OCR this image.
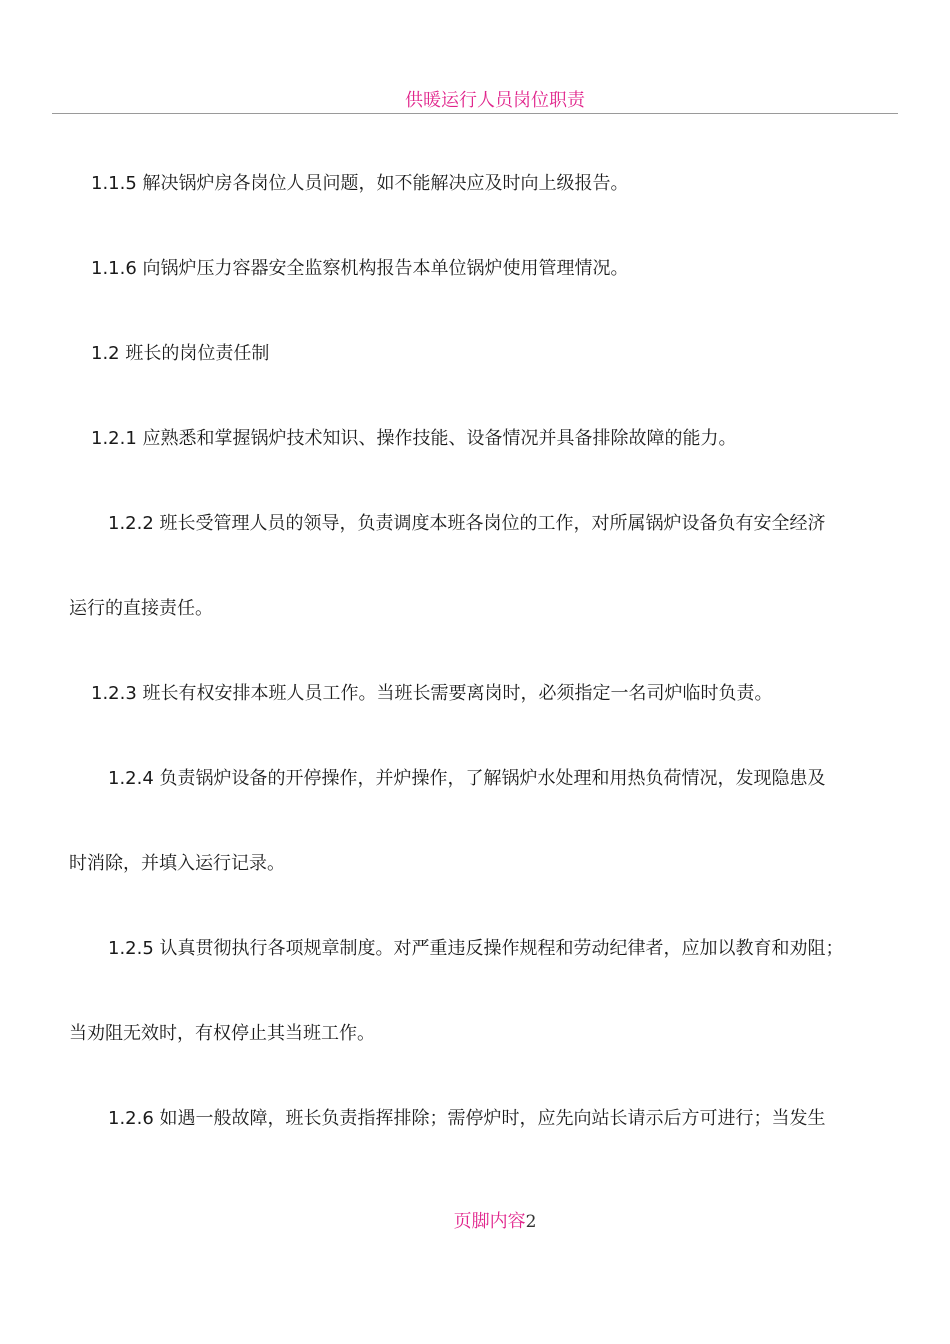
供暖运行人员岗位职责
1.1.5 解决锅炉房各岗位人员问题，如不能解决应及时向上级报告。
1.1.6 向锅炉压力容器安全监察机构报告本单位锅炉使用管理情况。
1.2 班长的岗位责任制
1.2.1 应熟悉和掌握锅炉技术知识、操作技能、设备情况并具备排除故障的能力。
1.2.2 班长受管理人员的领导，负责调度本班各岗位的工作，对所属锅炉设备负有安全经济
运行的直接责任。
1.2.3 班长有权安排本班人员工作。当班长需要离岗时，必须指定一名司炉临时负责。
1.2.4 负责锅炉设备的开停操作，并炉操作，了解锅炉水处理和用热负荷情况，发现隐患及
时消除，并填入运行记录。
1.2.5 认真贯彻执行各项规章制度。对严重违反操作规程和劳动纪律者，应加以教育和劝阻；
当劝阻无效时，有权停止其当班工作。
1.2.6 如遇一般故障，班长负责指挥排除；需停炉时，应先向站长请示后方可进行；当发生
页脚内容2
